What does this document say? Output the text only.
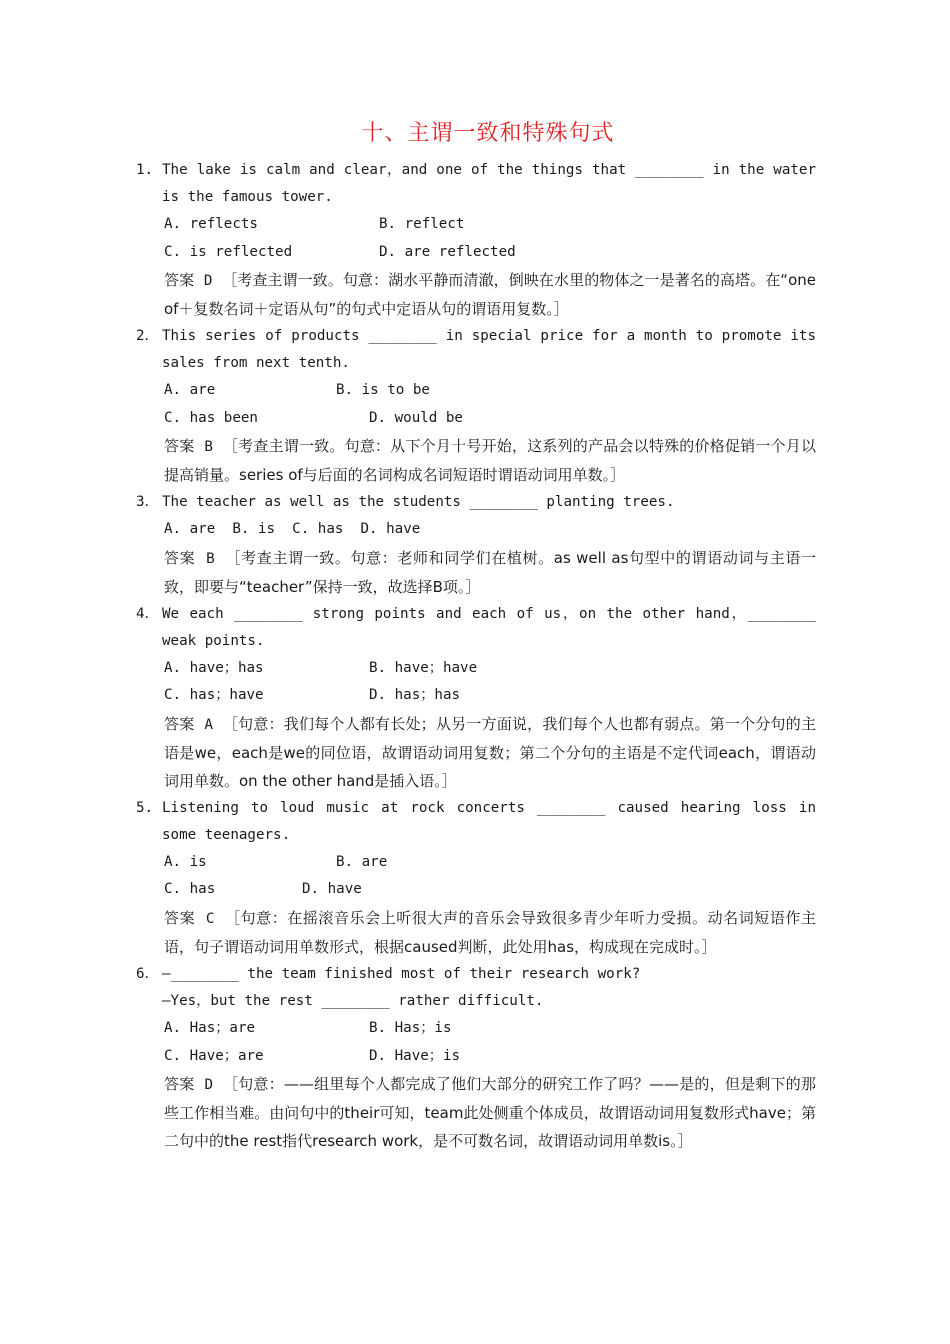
十、主谓一致和特殊句式
1. The lake is calm and clear，and one of the things that ________ in the water is the famous tower.
A. reflects	B. reflect
C. is reflected	D. are reflected
答案 D ［考查主谓一致。句意：湖水平静而清澈，倒映在水里的物体之一是著名的高塔。在“one of＋复数名词＋定语从句”的句式中定语从句的谓语用复数。］
2． This series of products ________ in special price for a month to promote its sales from next tenth.
A. are	B. is to be
C. has been	D. would be
答案 B ［考查主谓一致。句意：从下个月十号开始，这系列的产品会以特殊的价格促销一个月以提高销量。series of与后面的名词构成名词短语时谓语动词用单数。］
3． The teacher as well as the students ________ planting trees.
A. are
B. is
C. has
D. have
答案 B ［考查主谓一致。句意：老师和同学们在植树。as well as句型中的谓语动词与主语一致，即要与“teacher”保持一致，故选择B项。］
4． We each ________ strong points and each of us，on the other hand，________ weak points.
A. have；has	B. have；have
C. has；have	D. has；has
答案 A ［句意：我们每个人都有长处；从另一方面说，我们每个人也都有弱点。第一个分句的主语是we，each是we的同位语，故谓语动词用复数；第二个分句的主语是不定代词each，谓语动词用单数。on the other hand是插入语。］
5. Listening to loud music at rock concerts ________ caused hearing loss in some teenagers.
A. is	B. are
C. has	D. have
答案 C ［句意：在摇滚音乐会上听很大声的音乐会导致很多青少年听力受损。动名词短语作主语，句子谓语动词用单数形式，根据caused判断，此处用has，构成现在完成时。］
6． —________ the team finished most of their research work?
—Yes，but the rest ________ rather difficult.
A. Has；are	B. Has；is
C. Have；are	D. Have；is
答案 D ［句意：——组里每个人都完成了他们大部分的研究工作了吗？——是的，但是剩下的那些工作相当难。由问句中的their可知，team此处侧重个体成员，故谓语动词用复数形式have；第二句中的the rest指代research work，是不可数名词，故谓语动词用单数is。］
